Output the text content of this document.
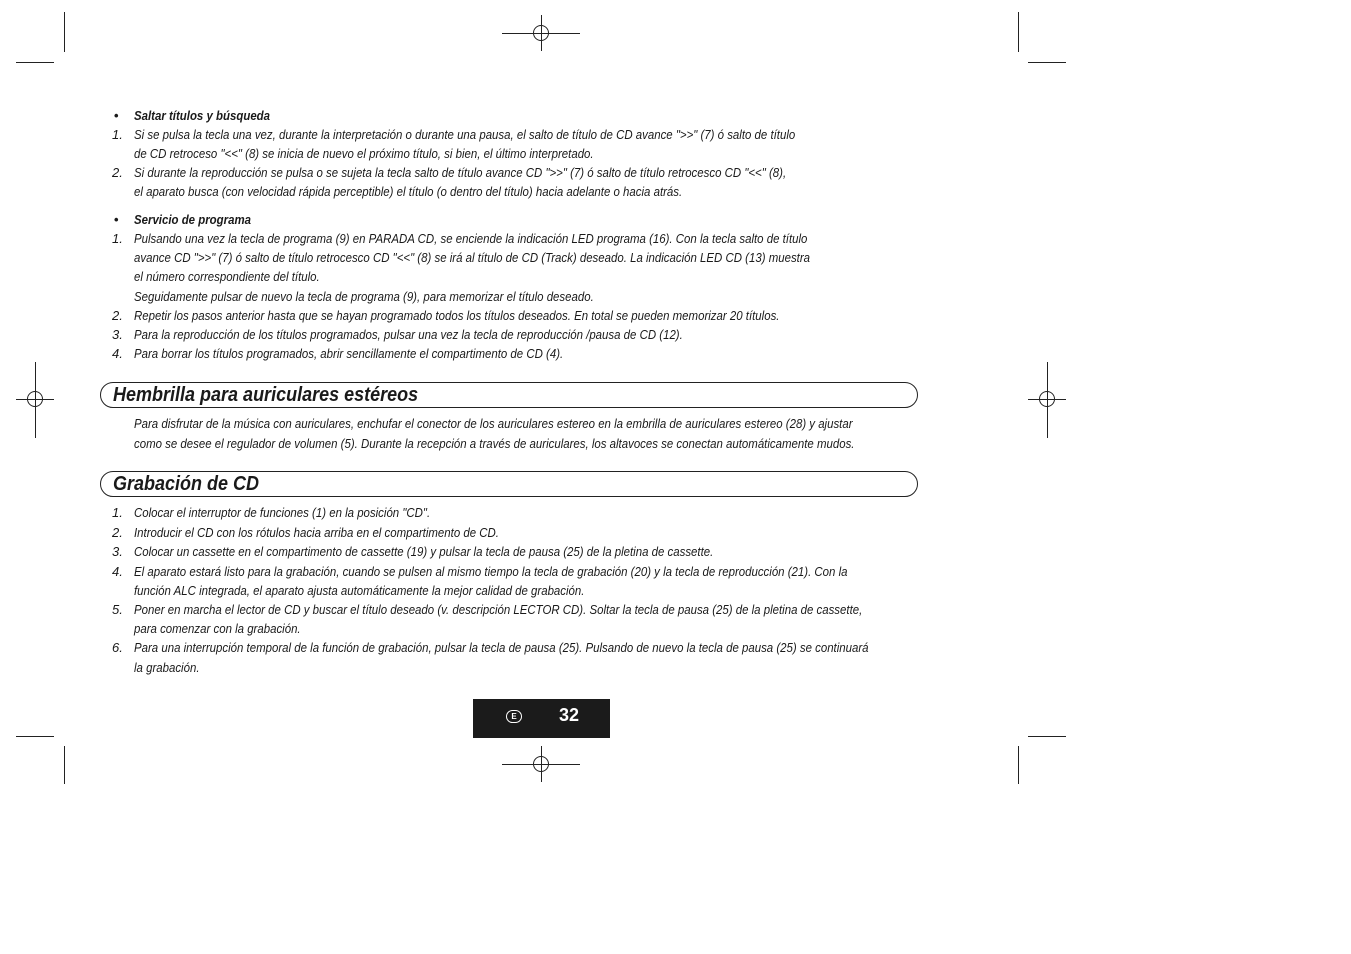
• Saltar títulos y búsqueda
1. Si se pulsa la tecla una vez, durante la interpretación o durante una pausa, el salto de título de CD avance ">>" (7) ó salto de título
de CD retroceso "<<" (8) se inicia de nuevo el próximo título, si bien, el último interpretado.
2. Si durante la reproducción se pulsa o se sujeta la tecla salto de título avance CD ">>" (7) ó salto de título retrocesco CD "<<" (8),
el aparato busca (con velocidad rápida perceptible) el título (o dentro del título) hacia adelante o hacia atrás.
• Servicio de programa
1. Pulsando una vez la tecla de programa (9) en PARADA CD, se enciende la indicación LED programa (16). Con la tecla salto de título
avance CD ">>" (7) ó salto de título retrocesco CD "<<" (8) se irá al título de CD (Track) deseado. La indicación LED CD (13) muestra
el número correspondiente del título.
Seguidamente pulsar de nuevo la tecla de programa (9), para memorizar el título deseado.
2. Repetir los pasos anterior hasta que se hayan programado todos los títulos deseados. En total se pueden memorizar 20 títulos.
3. Para la reproducción de los títulos programados, pulsar una vez la tecla de reproducción /pausa de CD (12).
4. Para borrar los títulos programados, abrir sencillamente el compartimento de CD (4).
Hembrilla para auriculares estéreos
Para disfrutar de la música con auriculares, enchufar el conector de los auriculares estereo en la embrilla de auriculares estereo (28) y ajustar
como se desee el regulador de volumen (5). Durante la recepción a través de auriculares, los altavoces se conectan automáticamente mudos.
Grabación de CD
1. Colocar el interruptor de funciones (1) en la posición "CD".
2. Introducir el CD con los rótulos hacia arriba en el compartimento de CD.
3. Colocar un cassette en el compartimento de cassette (19) y pulsar la tecla de pausa (25) de la pletina de cassette.
4. El aparato estará listo para la grabación, cuando se pulsen al mismo tiempo la tecla de grabación (20) y la tecla de reproducción (21). Con la
función ALC integrada, el aparato ajusta automáticamente la mejor calidad de grabación.
5. Poner en marcha el lector de CD y buscar el título deseado (v. descripción LECTOR CD). Soltar la tecla de pausa (25) de la pletina de cassette,
para comenzar con la grabación.
6. Para una interrupción temporal de la función de grabación, pulsar la tecla de pausa (25). Pulsando de nuevo la tecla de pausa (25) se continuará
la grabación.
E 32
